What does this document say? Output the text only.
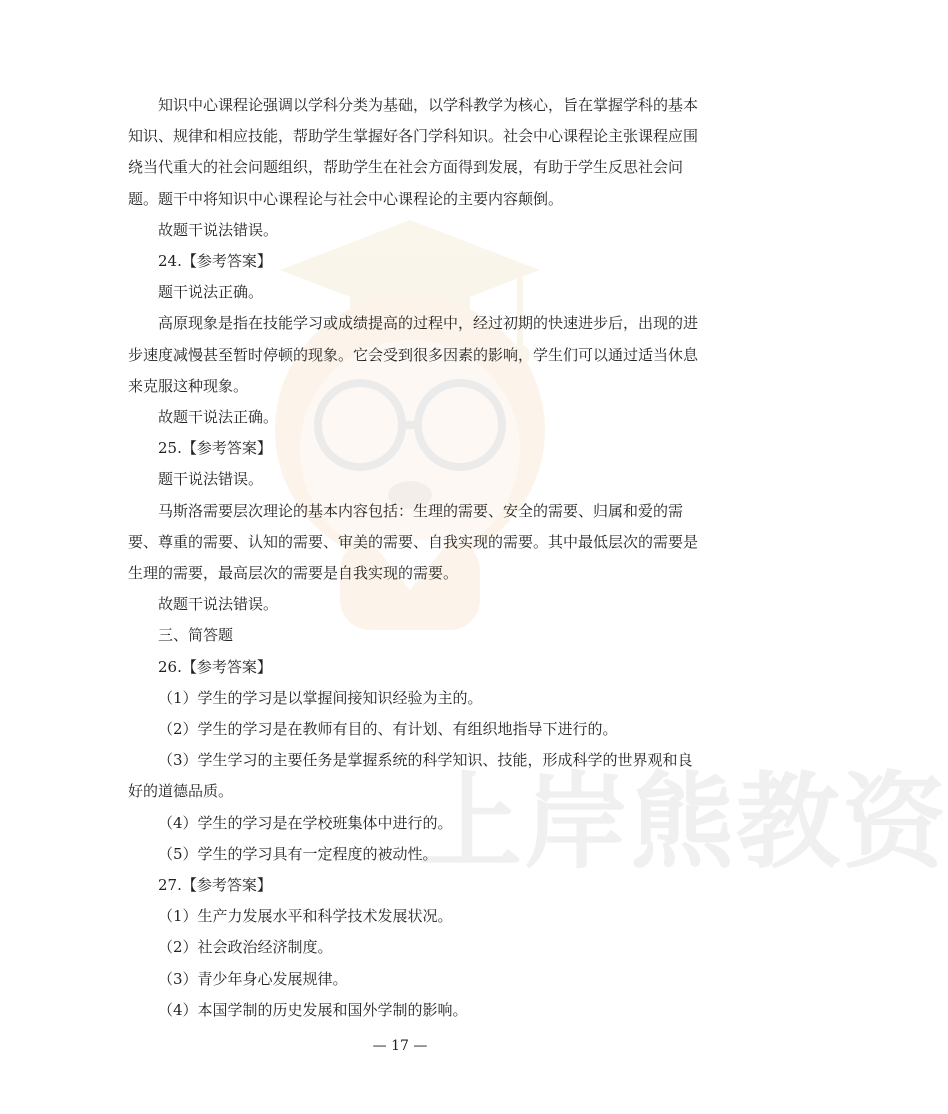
上岸熊教资

知识中心课程论强调以学科分类为基础，以学科教学为核心，旨在掌握学科的基本知识、规律和相应技能，帮助学生掌握好各门学科知识。社会中心课程论主张课程应围绕当代重大的社会问题组织，帮助学生在社会方面得到发展，有助于学生反思社会问题。题干中将知识中心课程论与社会中心课程论的主要内容颠倒。

故题干说法错误。

24.【参考答案】

题干说法正确。

高原现象是指在技能学习或成绩提高的过程中，经过初期的快速进步后，出现的进步速度减慢甚至暂时停顿的现象。它会受到很多因素的影响，学生们可以通过适当休息来克服这种现象。

故题干说法正确。

25.【参考答案】

题干说法错误。

马斯洛需要层次理论的基本内容包括：生理的需要、安全的需要、归属和爱的需要、尊重的需要、认知的需要、审美的需要、自我实现的需要。其中最低层次的需要是生理的需要，最高层次的需要是自我实现的需要。

故题干说法错误。

三、简答题

26.【参考答案】

（1）学生的学习是以掌握间接知识经验为主的。

（2）学生的学习是在教师有目的、有计划、有组织地指导下进行的。

（3）学生学习的主要任务是掌握系统的科学知识、技能，形成科学的世界观和良好的道德品质。

（4）学生的学习是在学校班集体中进行的。

（5）学生的学习具有一定程度的被动性。

27.【参考答案】

（1）生产力发展水平和科学技术发展状况。

（2）社会政治经济制度。

（3）青少年身心发展规律。

（4）本国学制的历史发展和国外学制的影响。

— 17 —
